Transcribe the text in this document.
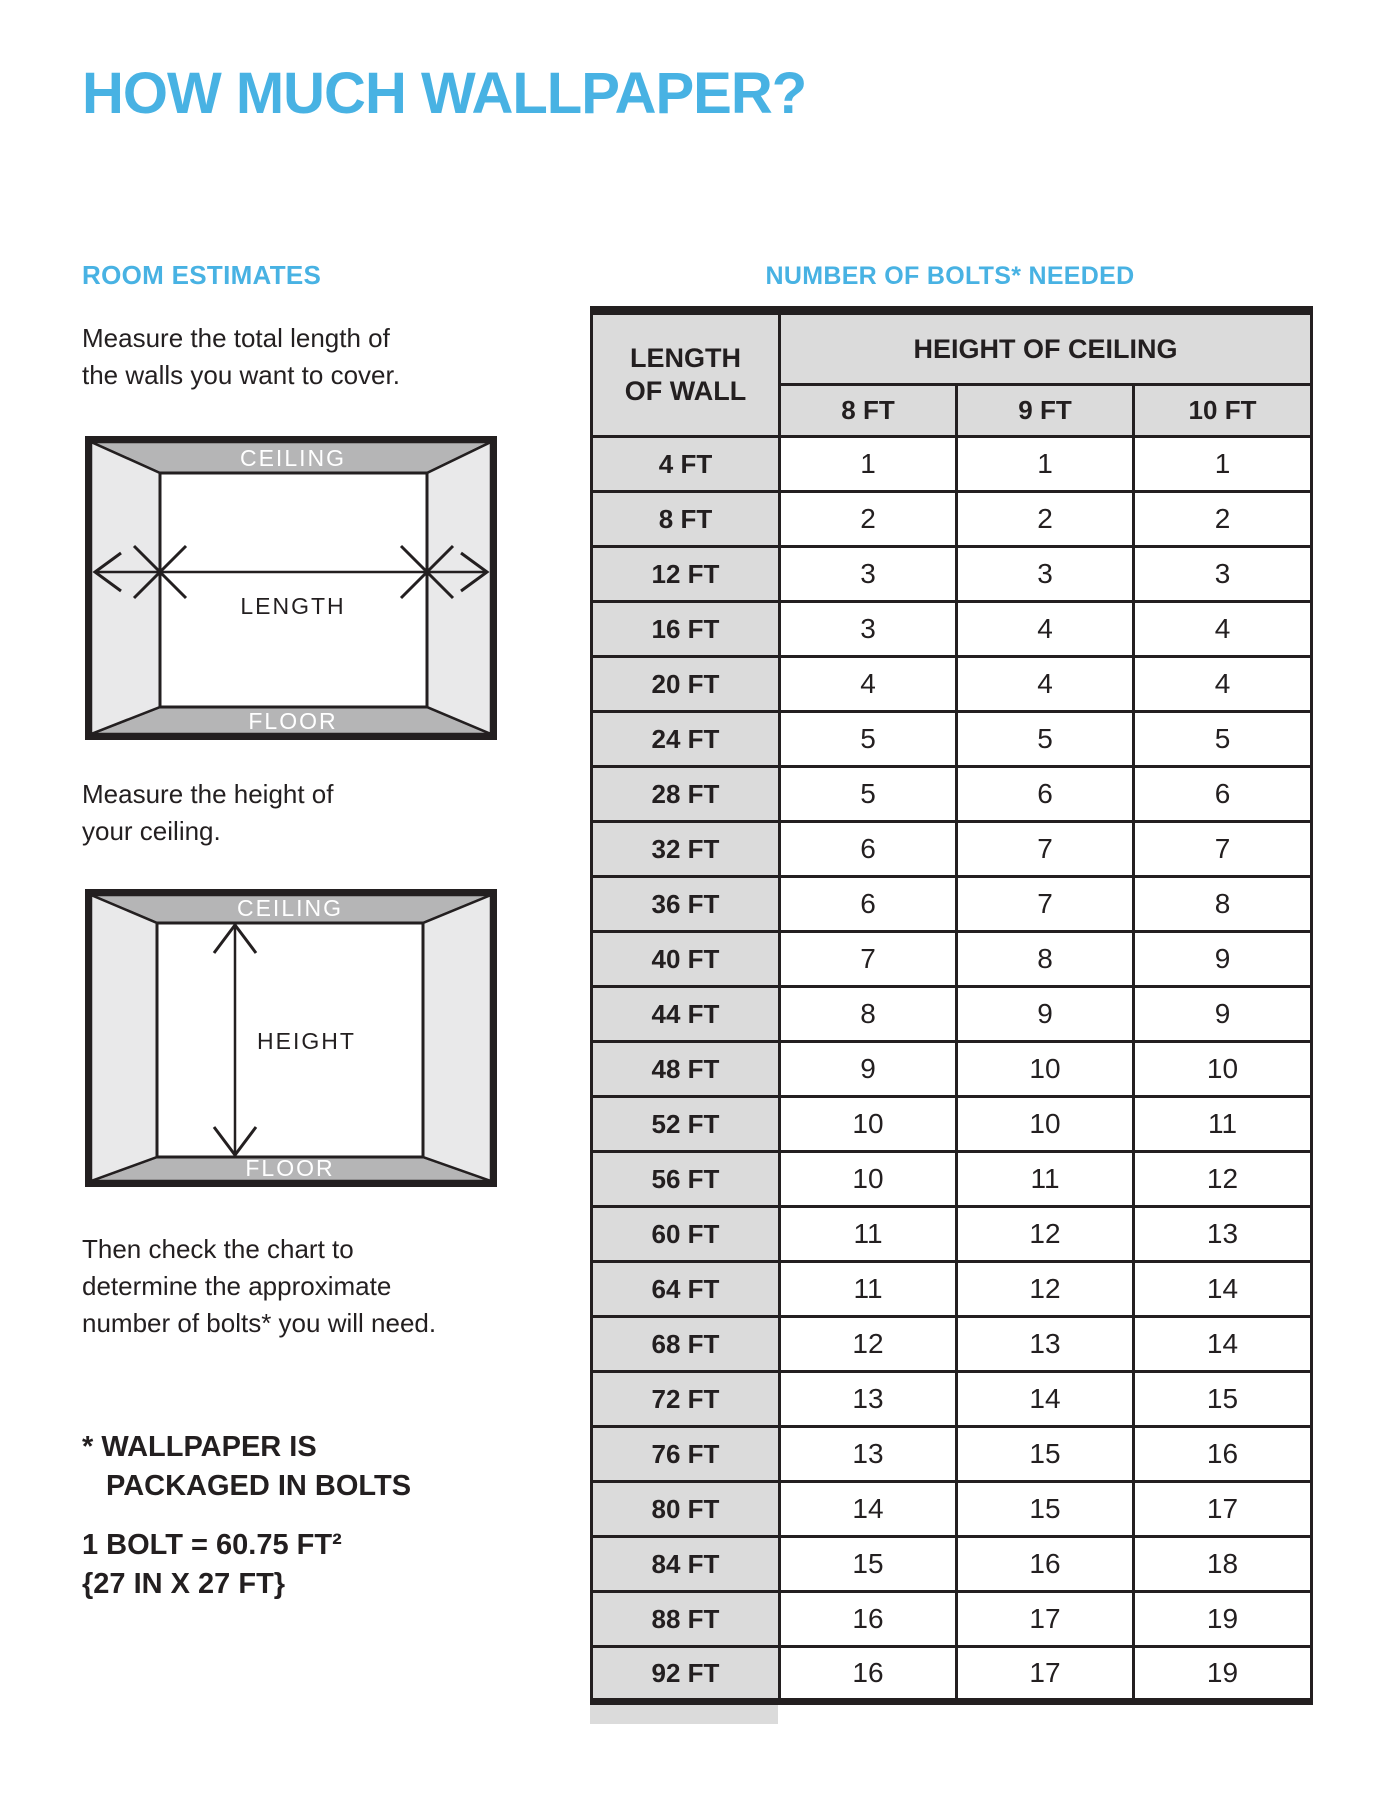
HOW MUCH WALLPAPER?
ROOM ESTIMATES
Measure the total length of
the walls you want to cover.
CEILING
LENGTH
FLOOR
Measure the height of
your ceiling.
CEILING
HEIGHT
FLOOR
Then check the chart to
determine the approximate
number of bolts* you will need.
* WALLPAPER IS
PACKAGED IN BOLTS
1 BOLT = 60.75 FT²
{27 IN X 27 FT}
NUMBER OF BOLTS* NEEDED
LENGTH
OF WALL	HEIGHT OF CEILING		
	8 FT	9 FT	10 FT
4 FT	1	1	1
8 FT	2	2	2
12 FT	3	3	3
16 FT	3	4	4
20 FT	4	4	4
24 FT	5	5	5
28 FT	5	6	6
32 FT	6	7	7
36 FT	6	7	8
40 FT	7	8	9
44 FT	8	9	9
48 FT	9	10	10
52 FT	10	10	11
56 FT	10	11	12
60 FT	11	12	13
64 FT	11	12	14
68 FT	12	13	14
72 FT	13	14	15
76 FT	13	15	16
80 FT	14	15	17
84 FT	15	16	18
88 FT	16	17	19
92 FT	16	17	19
